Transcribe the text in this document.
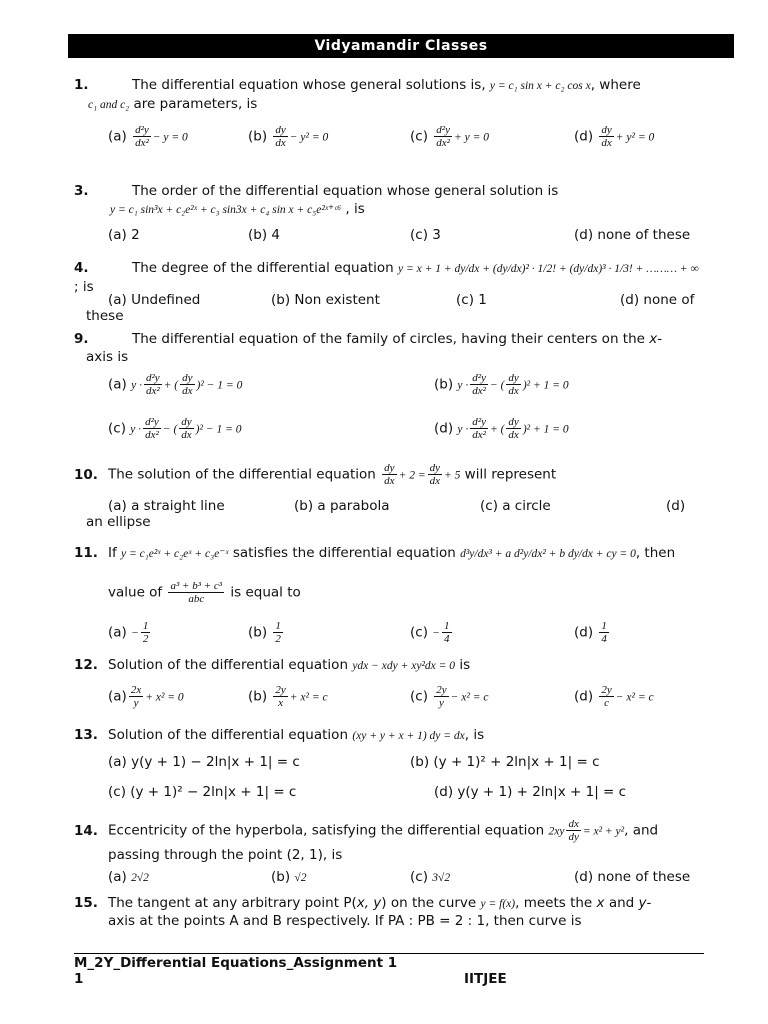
Vidyamandir Classes
1.	The differential equation whose general solutions is, y = c₁ sin x + c₂ cos x, where
c₁ and c₂ are parameters, is
$(a) \frac{\text{d²y}}{\text{dx²}} - y = 0$	$(b) \frac{dy}{dx} - y^2 = 0$	$(c) \frac{\text{d²y}}{\text{dx²}} + y = 0$	$(d) \frac{dy}{dx} + y^2 = 0$
3.	The order of the differential equation whose general solution is
y = c₁ sin³x + c₂e²ˣ + c₃ sin3x + c₄ sin x + c₅e²ˣ⁺ᶜ⁶ , is
(a) 2	(b) 4	(c) 3	(d) none of these
4.	The degree of the differential equation y = x + 1 + dy/dx + (dy/dx)² · 1/2! + (dy/dx)³ · 1/3! + ……… + ∞ ; is
(a) Undefined	(b) Non existent	(c) 1	(d) none of
these
9.	The differential equation of the family of circles, having their centers on the x-
axis is
(a) $y \cdot \frac{\text{d²y}}{\text{dx²}}$ + ( $\frac{dy}{dx} )^2 - 1 = 0$	(b) $y \cdot \frac{\text{d²y}}{\text{dx²}}$ − ( $\frac{dy}{dx} )^2 + 1 = 0$
(c) $y \cdot \frac{\text{d²y}}{\text{dx²}}$ − ( $\frac{dy}{dx} )^2 - 1 = 0$	(d) $y \cdot \frac{\text{d²y}}{\text{dx²}}$ + ( $\frac{dy}{dx} )^2 + 1 = 0$
10. The solution of the differential equation $\frac{dy}{dx} + 2 = \frac{dy}{dx} + 5$ will represent
(a) a straight line	(b) a parabola	(c) a circle	(d)
an ellipse
11. If y = c₁e²ˣ + c₂eˣ + c₃e⁻ˣ satisfies the differential equation d³y/dx³ + a d²y/dx² + b dy/dx + cy = 0, then
value of $\frac{\text{a³ + b³ + c³}}{\text{abc}}$ is equal to
$(a) - \frac{1}{2}$	$(b) \frac{1}{2}$	$(c) - \frac{1}{4}$	$(d) \frac{1}{4}$
12. Solution of the differential equation ydx − xdy + xy²dx = 0 is
$(a) \frac{2x}{y} + x^2 = 0$	$(b) \frac{2y}{x} + x^2 = c$	$(c) \frac{2y}{y} - x^2 = c$	$(d) \frac{2y}{c} - x^2 = c$
13. Solution of the differential equation (xy + y + x + 1) dy = dx, is
(a) y(y + 1) − 2ln|x + 1| = c	(b) (y + 1)² + 2ln|x + 1| = c
(c) (y + 1)² − 2ln|x + 1| = c	(d) y(y + 1) + 2ln|x + 1| = c
14. Eccentricity of the hyperbola, satisfying the differential equation $2xy \frac{dx}{dy} = x^2 + y^2$, and
passing through the point (2, 1), is
(a) 2√2	(b) √2	(c) 3√2	(d) none of these
15. The tangent at any arbitrary point P(x, y) on the curve y = f(x), meets the x and y-
axis at the points A and B respectively. If PA : PB = 2 : 1, then curve is
M_2Y_Differential Equations_Assignment 1
1	IITJEE
